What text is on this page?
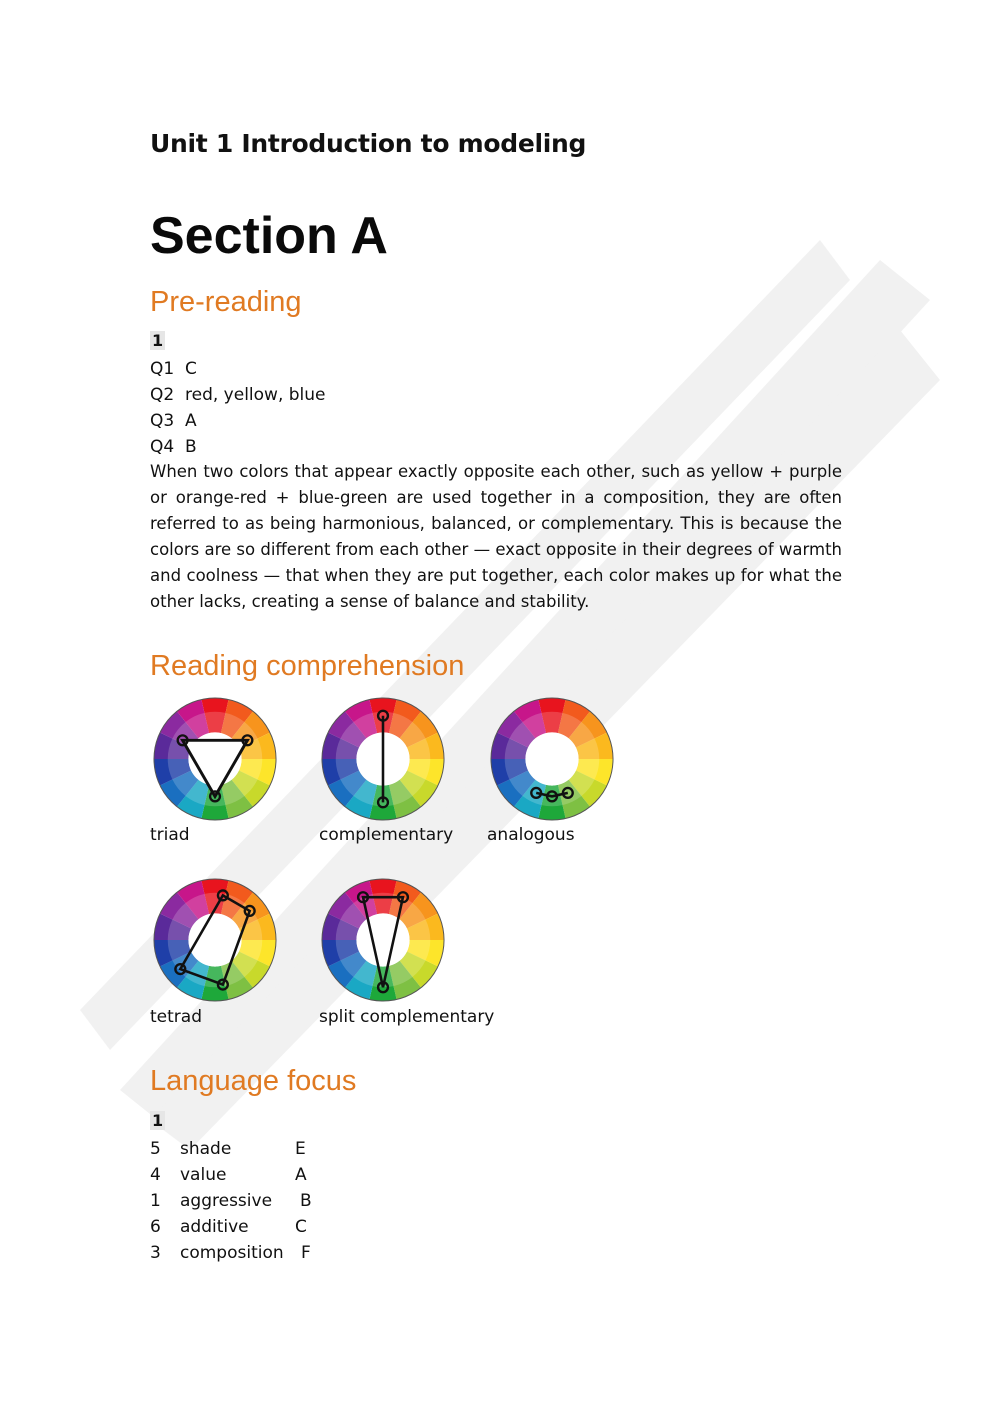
Unit 1 Introduction to modeling
Section A
Pre-reading
1
Q1 C
Q2 red, yellow, blue
Q3 A
Q4 B
When two colors that appear exactly opposite each other, such as yellow + purple or orange-red + blue-green are used together in a composition, they are often referred to as being harmonious, balanced, or complementary. This is because the colors are so different from each other — exact opposite in their degrees of warmth and coolness — that when they are put together, each color makes up for what the other lacks, creating a sense of balance and stability.
Reading comprehension
triad	complementary analogous
tetrad	split complementary
Language focus
1
5	shade	E
4	value	A
1	aggressive	B
6	additive	C
3	composition	F
